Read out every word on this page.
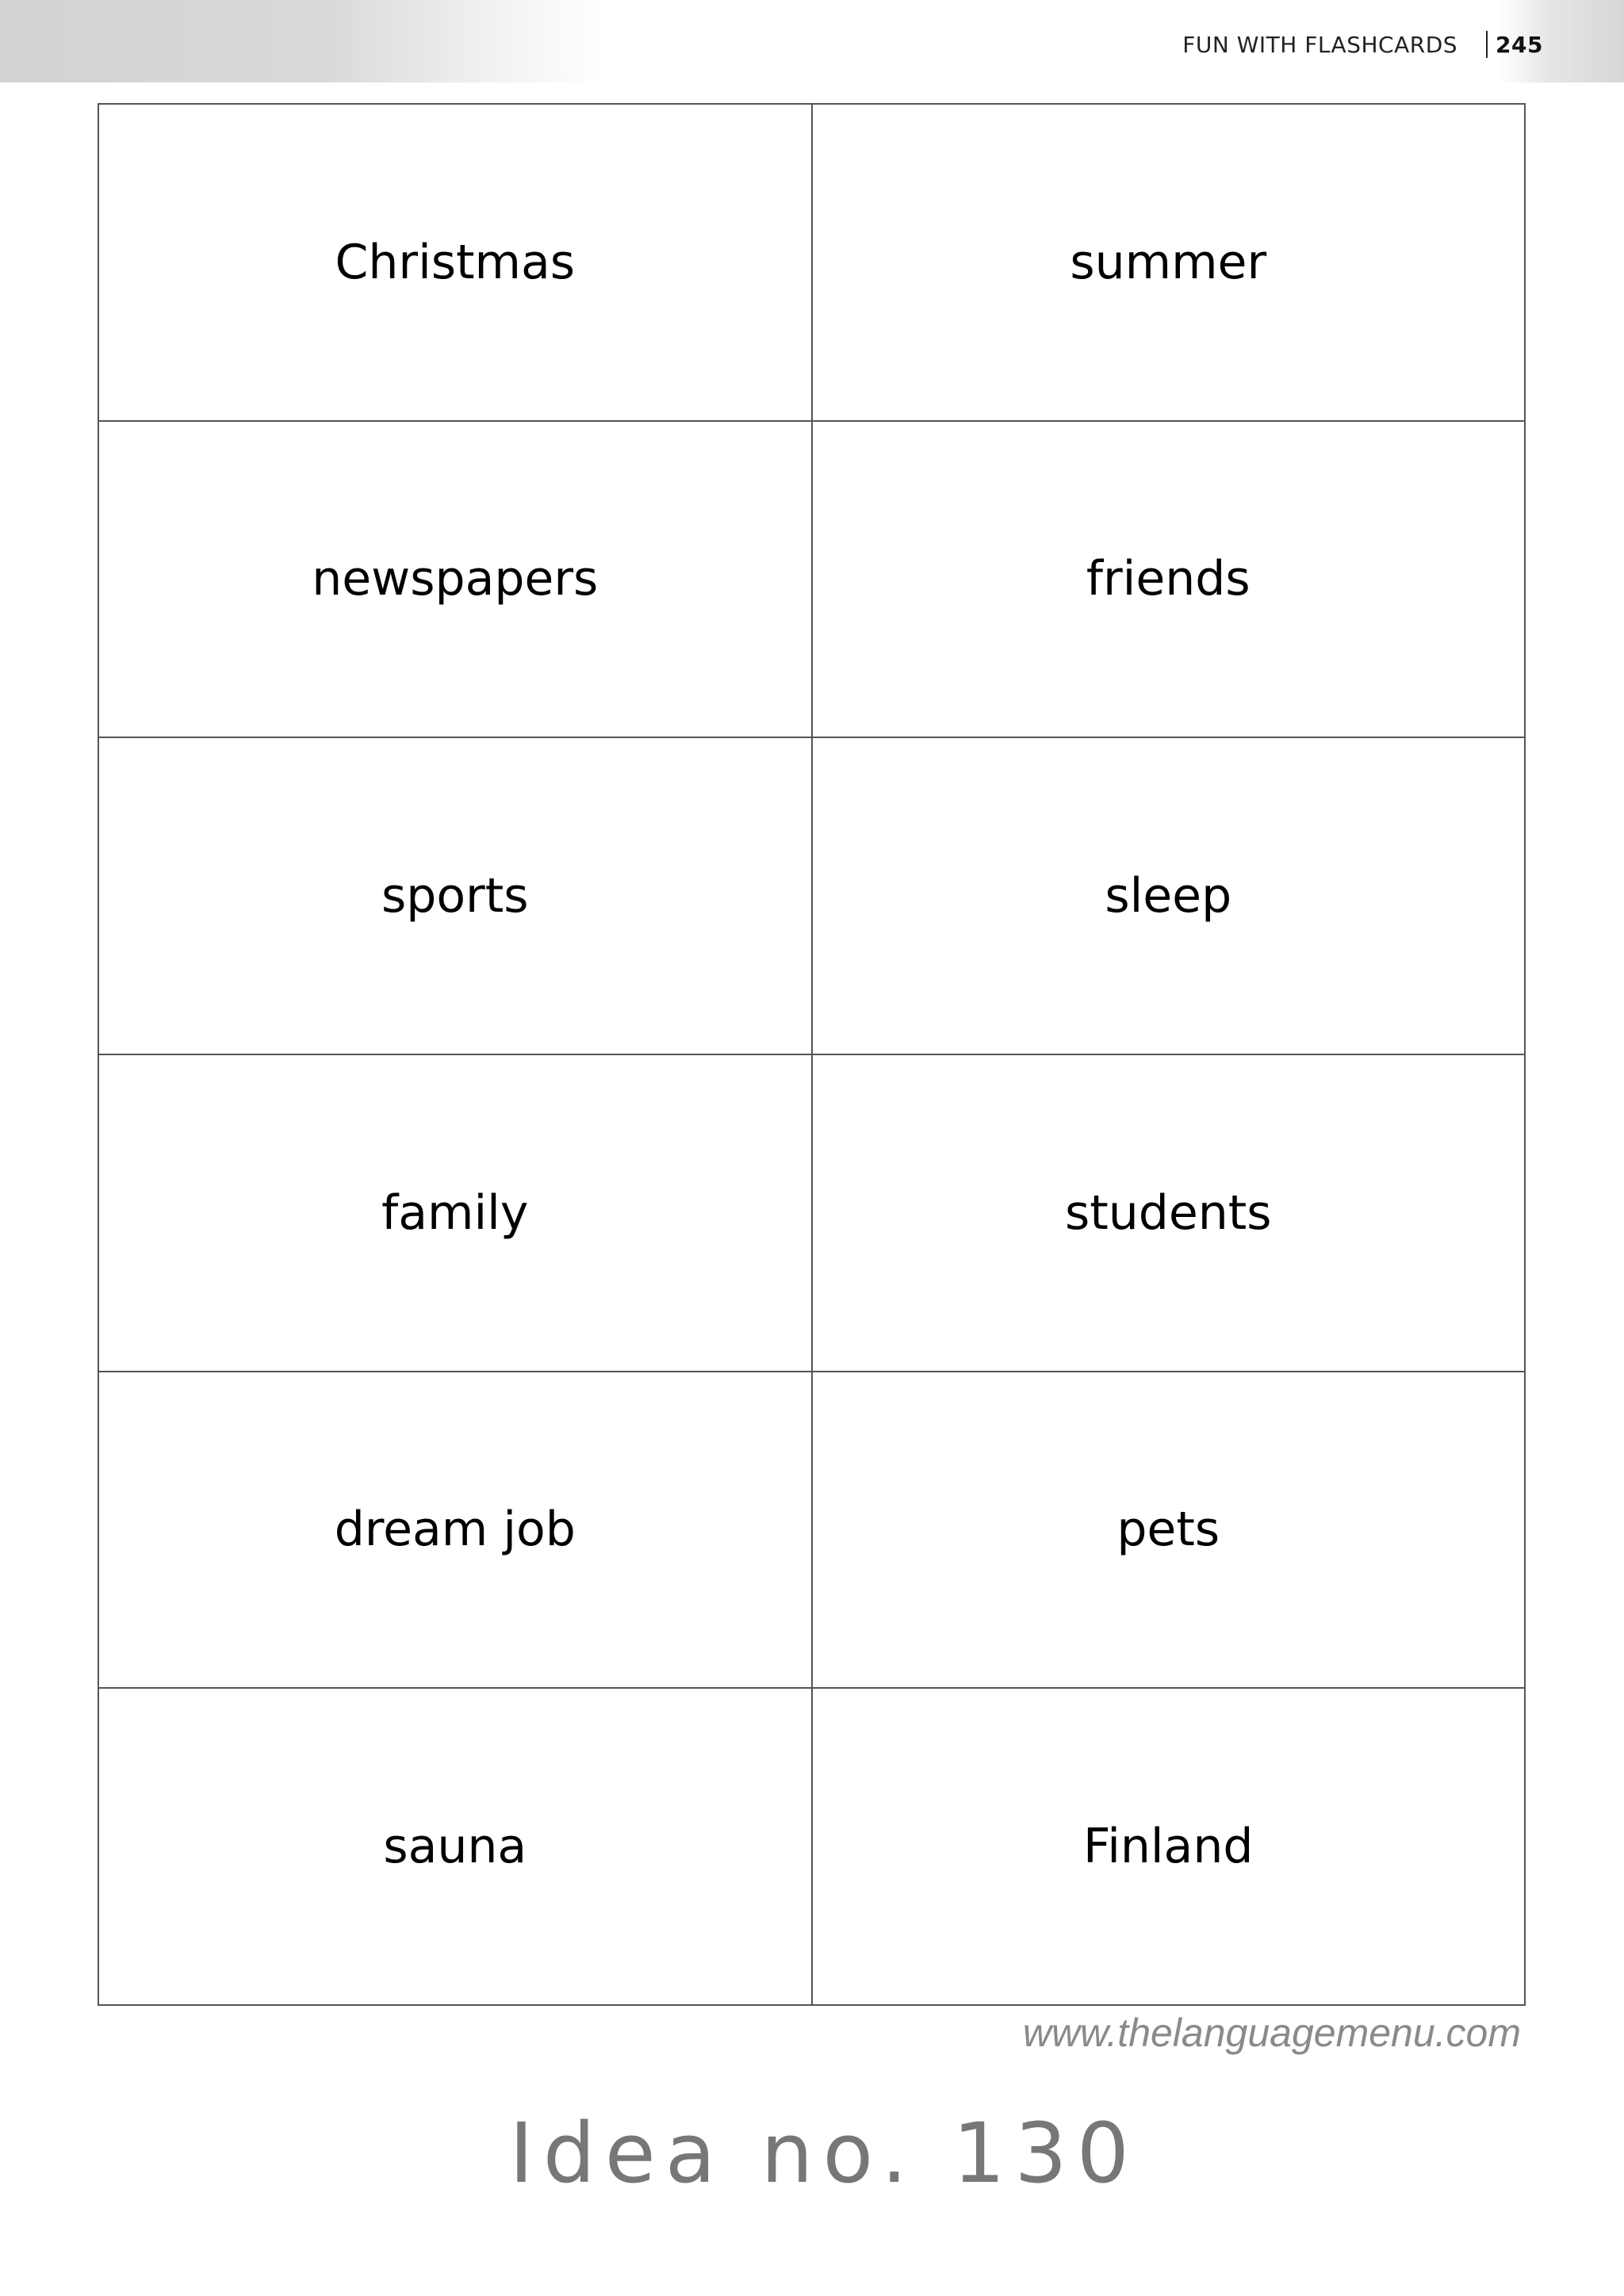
FUN WITH FLASHCARDS 245
Christmas	summer
newspapers	friends
sports	sleep
family	students
dream job	pets
sauna	Finland
www.thelanguagemenu.com
Idea no. 130
